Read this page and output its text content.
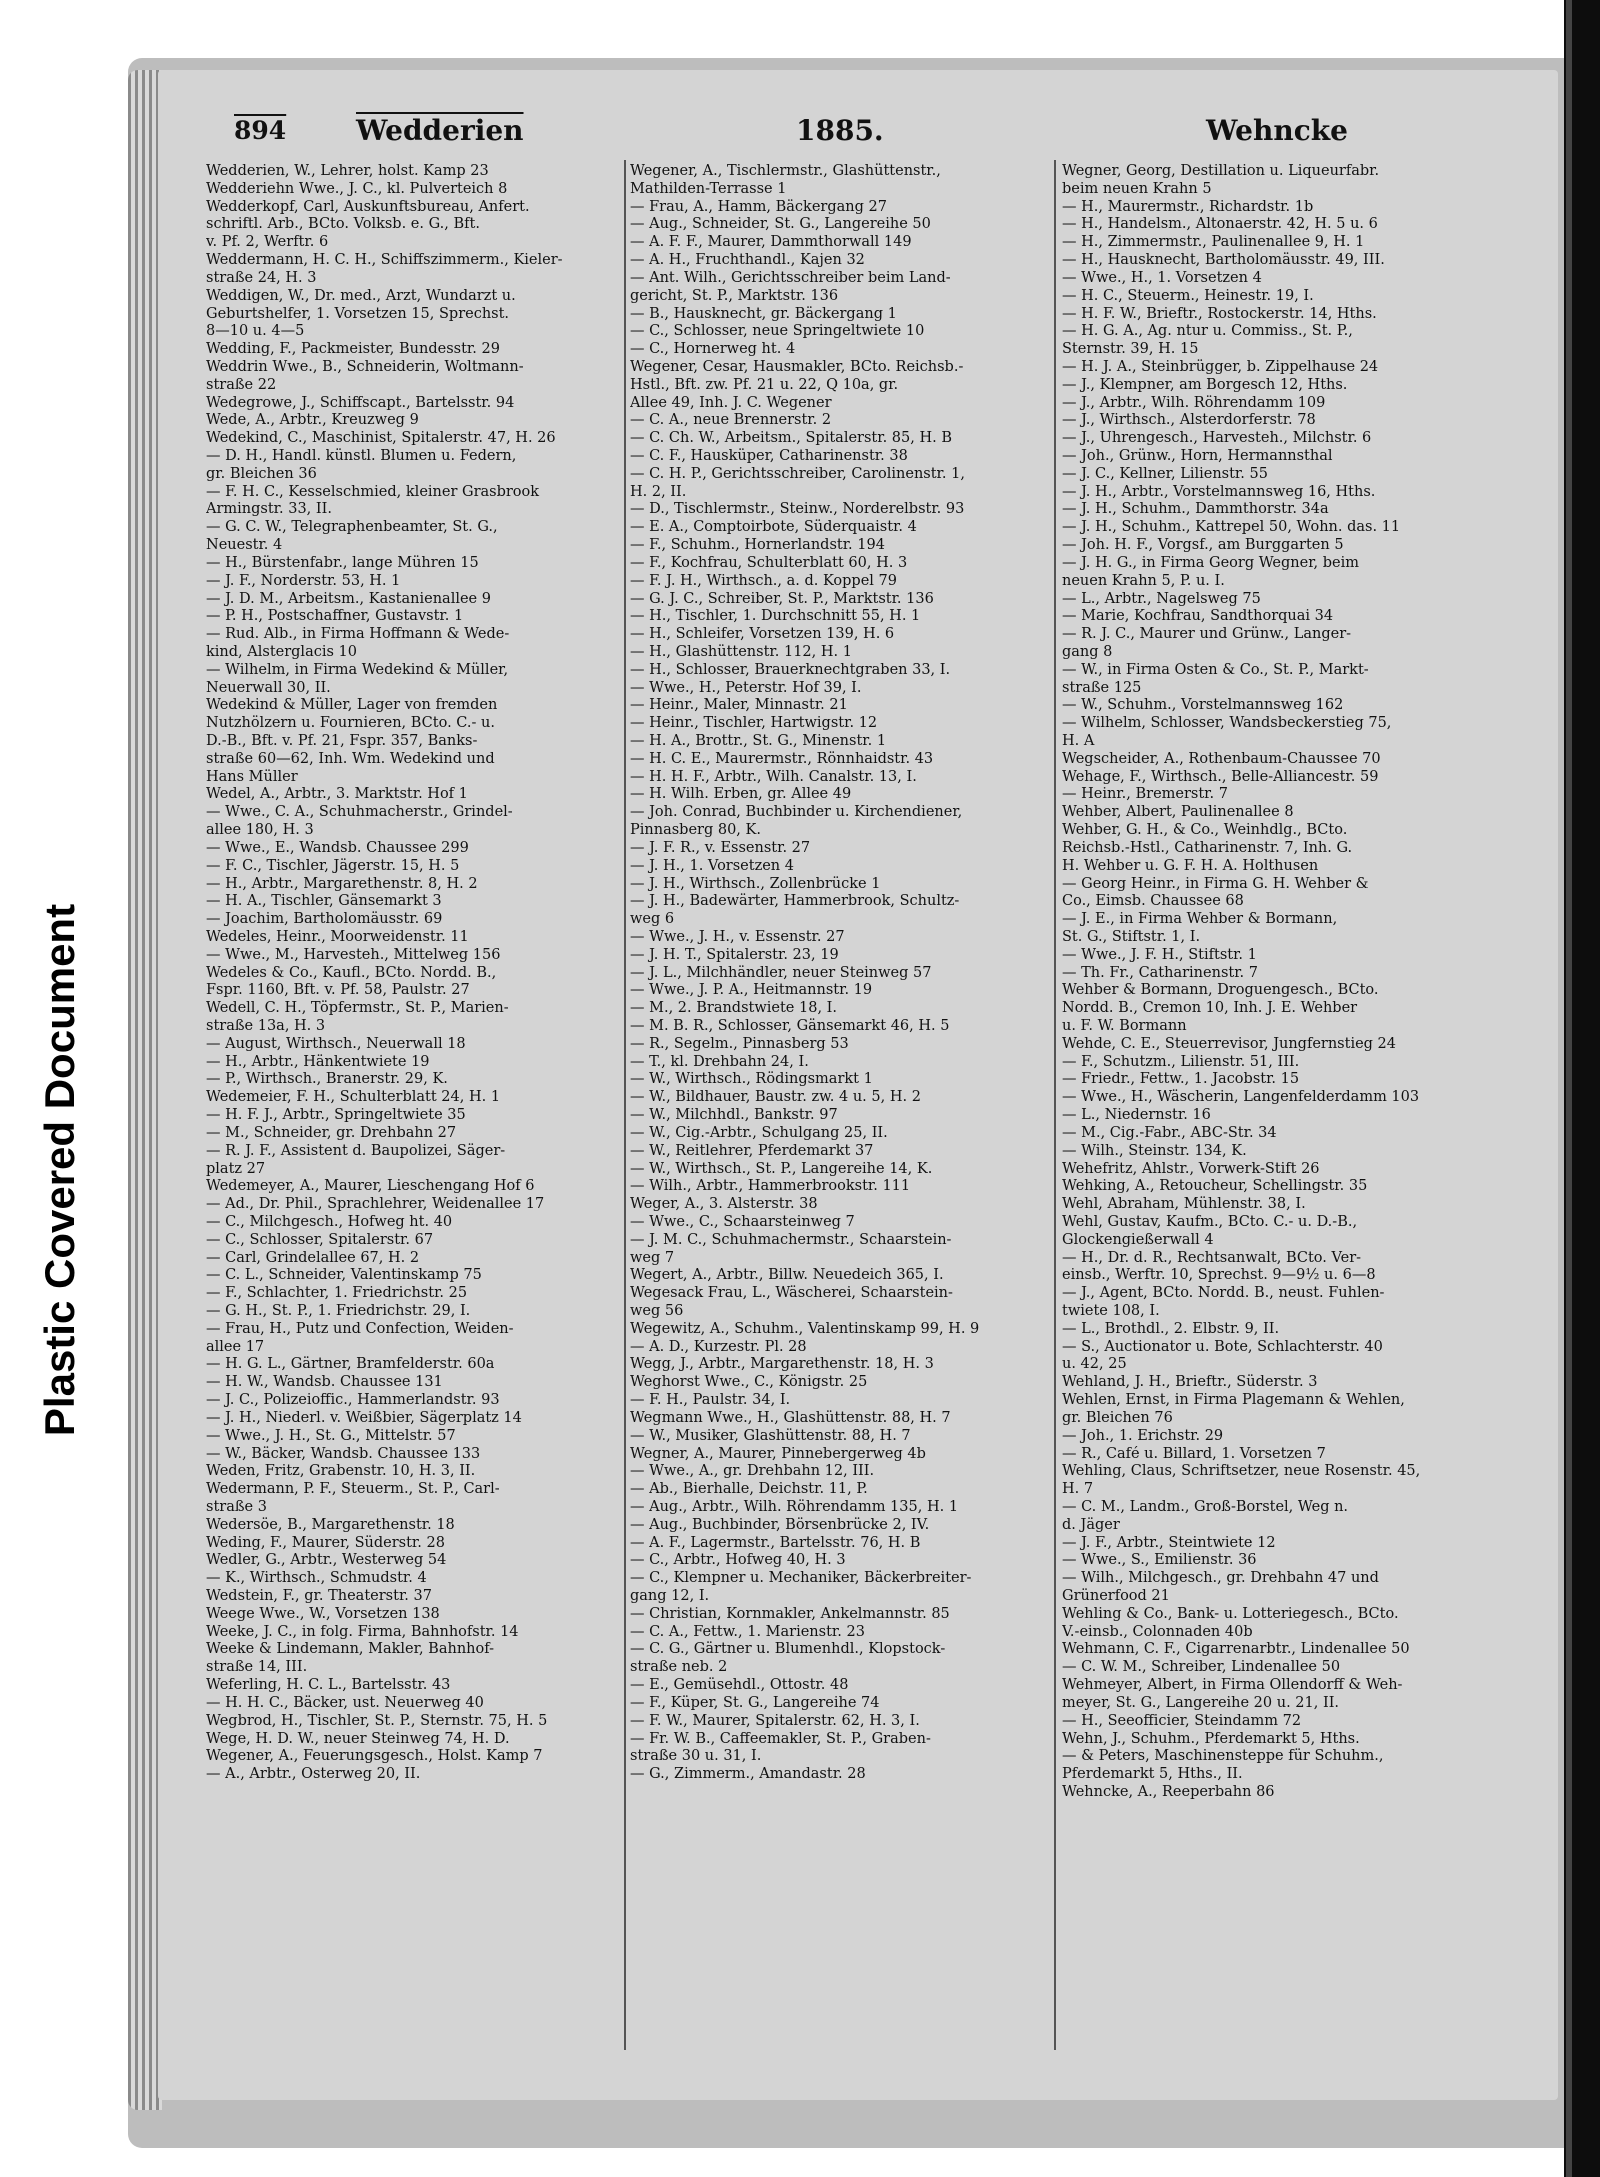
Plastic Covered Document
894 Wedderien	1885.	Wehncke
Wedderien, W., Lehrer, holst. Kamp 23
Wedderiehn Wwe., J. C., kl. Pulverteich 8
Wedderkopf, Carl, Auskunftsbureau, Anfert.
schriftl. Arb., BCto. Volksb. e. G., Bft.
v. Pf. 2, Werftr. 6
Weddermann, H. C. H., Schiffszimmerm., Kieler-
straße 24, H. 3
Weddigen, W., Dr. med., Arzt, Wundarzt u.
Geburtshelfer, 1. Vorsetzen 15, Sprechst.
8—10 u. 4—5
Wedding, F., Packmeister, Bundesstr. 29
Weddrin Wwe., B., Schneiderin, Woltmann-
straße 22
Wedegrowe, J., Schiffscapt., Bartelsstr. 94
Wede, A., Arbtr., Kreuzweg 9
Wedekind, C., Maschinist, Spitalerstr. 47, H. 26
— D. H., Handl. künstl. Blumen u. Federn,
gr. Bleichen 36
— F. H. C., Kesselschmied, kleiner Grasbrook
Armingstr. 33, II.
— G. C. W., Telegraphenbeamter, St. G.,
Neuestr. 4
— H., Bürstenfabr., lange Mühren 15
— J. F., Norderstr. 53, H. 1
— J. D. M., Arbeitsm., Kastanienallee 9
— P. H., Postschaffner, Gustavstr. 1
— Rud. Alb., in Firma Hoffmann & Wede-
kind, Alsterglacis 10
— Wilhelm, in Firma Wedekind & Müller,
Neuerwall 30, II.
Wedekind & Müller, Lager von fremden
Nutzhölzern u. Fournieren, BCto. C.- u.
D.-B., Bft. v. Pf. 21, Fspr. 357, Banks-
straße 60—62, Inh. Wm. Wedekind und
Hans Müller
Wedel, A., Arbtr., 3. Marktstr. Hof 1
— Wwe., C. A., Schuhmacherstr., Grindel-
allee 180, H. 3
— Wwe., E., Wandsb. Chaussee 299
— F. C., Tischler, Jägerstr. 15, H. 5
— H., Arbtr., Margarethenstr. 8, H. 2
— H. A., Tischler, Gänsemarkt 3
— Joachim, Bartholomäusstr. 69
Wedeles, Heinr., Moorweidenstr. 11
— Wwe., M., Harvesteh., Mittelweg 156
Wedeles & Co., Kaufl., BCto. Nordd. B.,
Fspr. 1160, Bft. v. Pf. 58, Paulstr. 27
Wedell, C. H., Töpfermstr., St. P., Marien-
straße 13a, H. 3
— August, Wirthsch., Neuerwall 18
— H., Arbtr., Hänkentwiete 19
— P., Wirthsch., Branerstr. 29, K.
Wedemeier, F. H., Schulterblatt 24, H. 1
— H. F. J., Arbtr., Springeltwiete 35
— M., Schneider, gr. Drehbahn 27
— R. J. F., Assistent d. Baupolizei, Säger-
platz 27
Wedemeyer, A., Maurer, Lieschengang Hof 6
— Ad., Dr. Phil., Sprachlehrer, Weidenallee 17
— C., Milchgesch., Hofweg ht. 40
— C., Schlosser, Spitalerstr. 67
— Carl, Grindelallee 67, H. 2
— C. L., Schneider, Valentinskamp 75
— F., Schlachter, 1. Friedrichstr. 25
— G. H., St. P., 1. Friedrichstr. 29, I.
— Frau, H., Putz und Confection, Weiden-
allee 17
— H. G. L., Gärtner, Bramfelderstr. 60a
— H. W., Wandsb. Chaussee 131
— J. C., Polizeioffic., Hammerlandstr. 93
— J. H., Niederl. v. Weißbier, Sägerplatz 14
— Wwe., J. H., St. G., Mittelstr. 57
— W., Bäcker, Wandsb. Chaussee 133
Weden, Fritz, Grabenstr. 10, H. 3, II.
Wedermann, P. F., Steuerm., St. P., Carl-
straße 3
Wedersöe, B., Margarethenstr. 18
Weding, F., Maurer, Süderstr. 28
Wedler, G., Arbtr., Westerweg 54
— K., Wirthsch., Schmudstr. 4
Wedstein, F., gr. Theaterstr. 37
Weege Wwe., W., Vorsetzen 138
Weeke, J. C., in folg. Firma, Bahnhofstr. 14
Weeke & Lindemann, Makler, Bahnhof-
straße 14, III.
Weferling, H. C. L., Bartelsstr. 43
— H. H. C., Bäcker, ust. Neuerweg 40
Wegbrod, H., Tischler, St. P., Sternstr. 75, H. 5
Wege, H. D. W., neuer Steinweg 74, H. D.
Wegener, A., Feuerungsgesch., Holst. Kamp 7
— A., Arbtr., Osterweg 20, II.
Wegener, A., Tischlermstr., Glashüttenstr.,
Mathilden-Terrasse 1
— Frau, A., Hamm, Bäckergang 27
— Aug., Schneider, St. G., Langereihe 50
— A. F. F., Maurer, Dammthorwall 149
— A. H., Fruchthandl., Kajen 32
— Ant. Wilh., Gerichtsschreiber beim Land-
gericht, St. P., Marktstr. 136
— B., Hausknecht, gr. Bäckergang 1
— C., Schlosser, neue Springeltwiete 10
— C., Hornerweg ht. 4
Wegener, Cesar, Hausmakler, BCto. Reichsb.-
Hstl., Bft. zw. Pf. 21 u. 22, Q 10a, gr.
Allee 49, Inh. J. C. Wegener
— C. A., neue Brennerstr. 2
— C. Ch. W., Arbeitsm., Spitalerstr. 85, H. B
— C. F., Hausküper, Catharinenstr. 38
— C. H. P., Gerichtsschreiber, Carolinenstr. 1,
H. 2, II.
— D., Tischlermstr., Steinw., Norderelbstr. 93
— E. A., Comptoirbote, Süderquaistr. 4
— F., Schuhm., Hornerlandstr. 194
— F., Kochfrau, Schulterblatt 60, H. 3
— F. J. H., Wirthsch., a. d. Koppel 79
— G. J. C., Schreiber, St. P., Marktstr. 136
— H., Tischler, 1. Durchschnitt 55, H. 1
— H., Schleifer, Vorsetzen 139, H. 6
— H., Glashüttenstr. 112, H. 1
— H., Schlosser, Brauerknechtgraben 33, I.
— Wwe., H., Peterstr. Hof 39, I.
— Heinr., Maler, Minnastr. 21
— Heinr., Tischler, Hartwigstr. 12
— H. A., Brottr., St. G., Minenstr. 1
— H. C. E., Maurermstr., Rönnhaidstr. 43
— H. H. F., Arbtr., Wilh. Canalstr. 13, I.
— H. Wilh. Erben, gr. Allee 49
— Joh. Conrad, Buchbinder u. Kirchendiener,
Pinnasberg 80, K.
— J. F. R., v. Essenstr. 27
— J. H., 1. Vorsetzen 4
— J. H., Wirthsch., Zollenbrücke 1
— J. H., Badewärter, Hammerbrook, Schultz-
weg 6
— Wwe., J. H., v. Essenstr. 27
— J. H. T., Spitalerstr. 23, 19
— J. L., Milchhändler, neuer Steinweg 57
— Wwe., J. P. A., Heitmannstr. 19
— M., 2. Brandstwiete 18, I.
— M. B. R., Schlosser, Gänsemarkt 46, H. 5
— R., Segelm., Pinnasberg 53
— T., kl. Drehbahn 24, I.
— W., Wirthsch., Rödingsmarkt 1
— W., Bildhauer, Baustr. zw. 4 u. 5, H. 2
— W., Milchhdl., Bankstr. 97
— W., Cig.-Arbtr., Schulgang 25, II.
— W., Reitlehrer, Pferdemarkt 37
— W., Wirthsch., St. P., Langereihe 14, K.
— Wilh., Arbtr., Hammerbrookstr. 111
Weger, A., 3. Alsterstr. 38
— Wwe., C., Schaarsteinweg 7
— J. M. C., Schuhmachermstr., Schaarstein-
weg 7
Wegert, A., Arbtr., Billw. Neuedeich 365, I.
Wegesack Frau, L., Wäscherei, Schaarstein-
weg 56
Wegewitz, A., Schuhm., Valentinskamp 99, H. 9
— A. D., Kurzestr. Pl. 28
Wegg, J., Arbtr., Margarethenstr. 18, H. 3
Weghorst Wwe., C., Königstr. 25
— F. H., Paulstr. 34, I.
Wegmann Wwe., H., Glashüttenstr. 88, H. 7
— W., Musiker, Glashüttenstr. 88, H. 7
Wegner, A., Maurer, Pinnebergerweg 4b
— Wwe., A., gr. Drehbahn 12, III.
— Ab., Bierhalle, Deichstr. 11, P.
— Aug., Arbtr., Wilh. Röhrendamm 135, H. 1
— Aug., Buchbinder, Börsenbrücke 2, IV.
— A. F., Lagermstr., Bartelsstr. 76, H. B
— C., Arbtr., Hofweg 40, H. 3
— C., Klempner u. Mechaniker, Bäckerbreiter-
gang 12, I.
— Christian, Kornmakler, Ankelmannstr. 85
— C. A., Fettw., 1. Marienstr. 23
— C. G., Gärtner u. Blumenhdl., Klopstock-
straße neb. 2
— E., Gemüsehdl., Ottostr. 48
— F., Küper, St. G., Langereihe 74
— F. W., Maurer, Spitalerstr. 62, H. 3, I.
— Fr. W. B., Caffeemakler, St. P., Graben-
straße 30 u. 31, I.
— G., Zimmerm., Amandastr. 28
Wegner, Georg, Destillation u. Liqueurfabr.
beim neuen Krahn 5
— H., Maurermstr., Richardstr. 1b
— H., Handelsm., Altonaerstr. 42, H. 5 u. 6
— H., Zimmermstr., Paulinenallee 9, H. 1
— H., Hausknecht, Bartholomäusstr. 49, III.
— Wwe., H., 1. Vorsetzen 4
— H. C., Steuerm., Heinestr. 19, I.
— H. F. W., Brieftr., Rostockerstr. 14, Hths.
— H. G. A., Ag. ntur u. Commiss., St. P.,
Sternstr. 39, H. 15
— H. J. A., Steinbrügger, b. Zippelhause 24
— J., Klempner, am Borgesch 12, Hths.
— J., Arbtr., Wilh. Röhrendamm 109
— J., Wirthsch., Alsterdorferstr. 78
— J., Uhrengesch., Harvesteh., Milchstr. 6
— Joh., Grünw., Horn, Hermannsthal
— J. C., Kellner, Lilienstr. 55
— J. H., Arbtr., Vorstelmannsweg 16, Hths.
— J. H., Schuhm., Dammthorstr. 34a
— J. H., Schuhm., Kattrepel 50, Wohn. das. 11
— Joh. H. F., Vorgsf., am Burggarten 5
— J. H. G., in Firma Georg Wegner, beim
neuen Krahn 5, P. u. I.
— L., Arbtr., Nagelsweg 75
— Marie, Kochfrau, Sandthorquai 34
— R. J. C., Maurer und Grünw., Langer-
gang 8
— W., in Firma Osten & Co., St. P., Markt-
straße 125
— W., Schuhm., Vorstelmannsweg 162
— Wilhelm, Schlosser, Wandsbeckerstieg 75,
H. A
Wegscheider, A., Rothenbaum-Chaussee 70
Wehage, F., Wirthsch., Belle-Alliancestr. 59
— Heinr., Bremerstr. 7
Wehber, Albert, Paulinenallee 8
Wehber, G. H., & Co., Weinhdlg., BCto.
Reichsb.-Hstl., Catharinenstr. 7, Inh. G.
H. Wehber u. G. F. H. A. Holthusen
— Georg Heinr., in Firma G. H. Wehber &
Co., Eimsb. Chaussee 68
— J. E., in Firma Wehber & Bormann,
St. G., Stiftstr. 1, I.
— Wwe., J. F. H., Stiftstr. 1
— Th. Fr., Catharinenstr. 7
Wehber & Bormann, Droguengesch., BCto.
Nordd. B., Cremon 10, Inh. J. E. Wehber
u. F. W. Bormann
Wehde, C. E., Steuerrevisor, Jungfernstieg 24
— F., Schutzm., Lilienstr. 51, III.
— Friedr., Fettw., 1. Jacobstr. 15
— Wwe., H., Wäscherin, Langenfelderdamm 103
— L., Niedernstr. 16
— M., Cig.-Fabr., ABC-Str. 34
— Wilh., Steinstr. 134, K.
Wehefritz, Ahlstr., Vorwerk-Stift 26
Wehking, A., Retoucheur, Schellingstr. 35
Wehl, Abraham, Mühlenstr. 38, I.
Wehl, Gustav, Kaufm., BCto. C.- u. D.-B.,
Glockengießerwall 4
— H., Dr. d. R., Rechtsanwalt, BCto. Ver-
einsb., Werftr. 10, Sprechst. 9—9½ u. 6—8
— J., Agent, BCto. Nordd. B., neust. Fuhlen-
twiete 108, I.
— L., Brothdl., 2. Elbstr. 9, II.
— S., Auctionator u. Bote, Schlachterstr. 40
u. 42, 25
Wehland, J. H., Brieftr., Süderstr. 3
Wehlen, Ernst, in Firma Plagemann & Wehlen,
gr. Bleichen 76
— Joh., 1. Erichstr. 29
— R., Café u. Billard, 1. Vorsetzen 7
Wehling, Claus, Schriftsetzer, neue Rosenstr. 45,
H. 7
— C. M., Landm., Groß-Borstel, Weg n.
d. Jäger
— J. F., Arbtr., Steintwiete 12
— Wwe., S., Emilienstr. 36
— Wilh., Milchgesch., gr. Drehbahn 47 und
Grünerfood 21
Wehling & Co., Bank- u. Lotteriegesch., BCto.
V.-einsb., Colonnaden 40b
Wehmann, C. F., Cigarrenarbtr., Lindenallee 50
— C. W. M., Schreiber, Lindenallee 50
Wehmeyer, Albert, in Firma Ollendorff & Weh-
meyer, St. G., Langereihe 20 u. 21, II.
— H., Seeofficier, Steindamm 72
Wehn, J., Schuhm., Pferdemarkt 5, Hths.
— & Peters, Maschinensteppe für Schuhm.,
Pferdemarkt 5, Hths., II.
Wehncke, A., Reeperbahn 86
